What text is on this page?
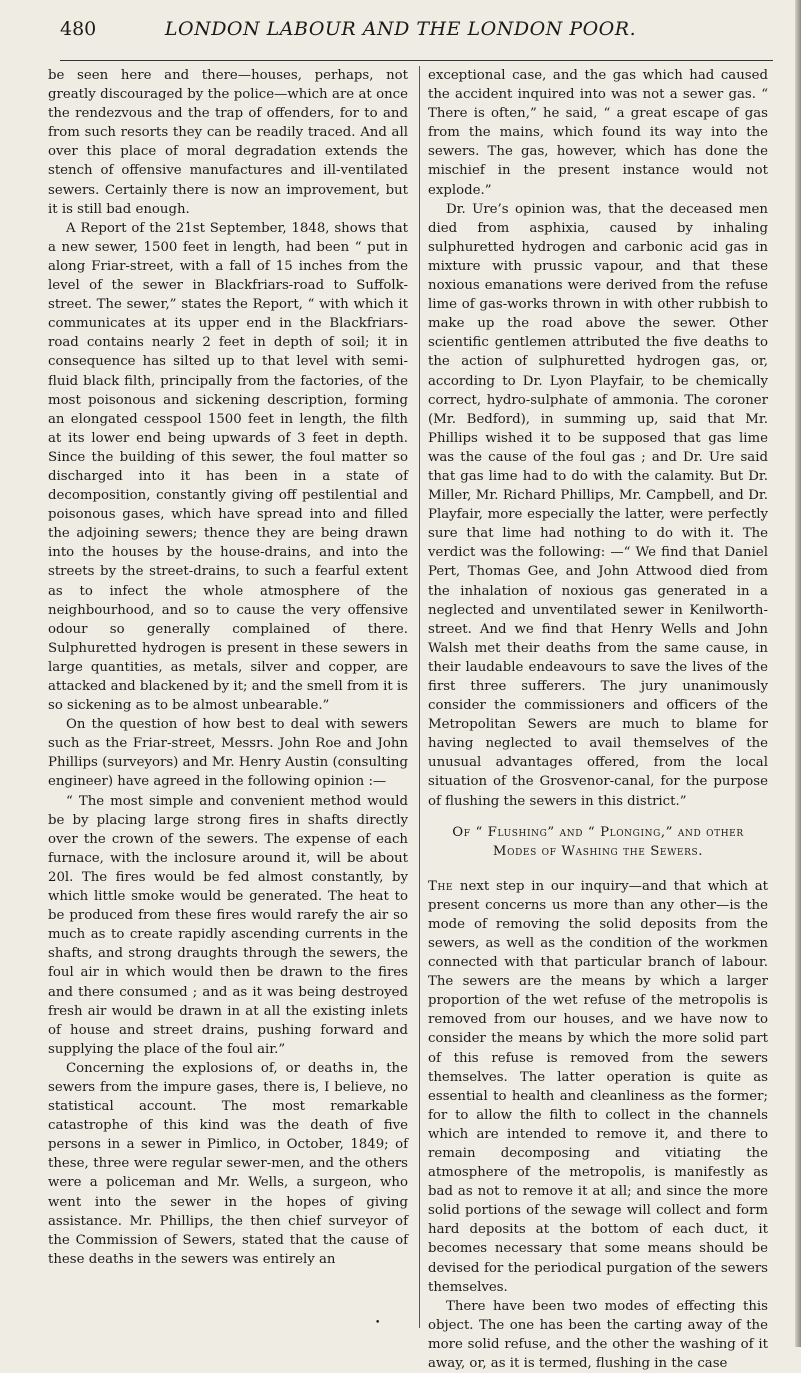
480	LONDON LABOUR AND THE LONDON POOR.

be seen here and there—houses, perhaps, not greatly discouraged by the police—which are at once the rendezvous and the trap of offenders, for to and from such resorts they can be readily traced. And all over this place of moral degradation extends the stench of offensive manufactures and ill-ventilated sewers. Certainly there is now an improvement, but it is still bad enough.

A Report of the 21st September, 1848, shows that a new sewer, 1500 feet in length, had been “ put in along Friar-street, with a fall of 15 inches from the level of the sewer in Blackfriars-road to Suffolk-street. The sewer,” states the Report, “ with which it communicates at its upper end in the Blackfriars-road contains nearly 2 feet in depth of soil; it in consequence has silted up to that level with semi-fluid black filth, principally from the factories, of the most poisonous and sickening description, forming an elongated cesspool 1500 feet in length, the filth at its lower end being upwards of 3 feet in depth. Since the building of this sewer, the foul matter so discharged into it has been in a state of decomposition, constantly giving off pestilential and poisonous gases, which have spread into and filled the adjoining sewers; thence they are being drawn into the houses by the house-drains, and into the streets by the street-drains, to such a fearful extent as to infect the whole atmosphere of the neighbourhood, and so to cause the very offensive odour so generally complained of there. Sulphuretted hydrogen is present in these sewers in large quantities, as metals, silver and copper, are attacked and blackened by it; and the smell from it is so sickening as to be almost unbearable.”

On the question of how best to deal with sewers such as the Friar-street, Messrs. John Roe and John Phillips (surveyors) and Mr. Henry Austin (consulting engineer) have agreed in the following opinion :—

“ The most simple and convenient method would be by placing large strong fires in shafts directly over the crown of the sewers. The expense of each furnace, with the inclosure around it, will be about 20l. The fires would be fed almost constantly, by which little smoke would be generated. The heat to be produced from these fires would rarefy the air so much as to create rapidly ascending currents in the shafts, and strong draughts through the sewers, the foul air in which would then be drawn to the fires and there consumed ; and as it was being destroyed fresh air would be drawn in at all the existing inlets of house and street drains, pushing forward and supplying the place of the foul air.”

Concerning the explosions of, or deaths in, the sewers from the impure gases, there is, I believe, no statistical account. The most remarkable catastrophe of this kind was the death of five persons in a sewer in Pimlico, in October, 1849; of these, three were regular sewer-men, and the others were a policeman and Mr. Wells, a surgeon, who went into the sewer in the hopes of giving assistance. Mr. Phillips, the then chief surveyor of the Commission of Sewers, stated that the cause of these deaths in the sewers was entirely an

exceptional case, and the gas which had caused the accident inquired into was not a sewer gas. “ There is often,” he said, “ a great escape of gas from the mains, which found its way into the sewers. The gas, however, which has done the mischief in the present instance would not explode.”

Dr. Ure’s opinion was, that the deceased men died from asphixia, caused by inhaling sulphuretted hydrogen and carbonic acid gas in mixture with prussic vapour, and that these noxious emanations were derived from the refuse lime of gas-works thrown in with other rubbish to make up the road above the sewer. Other scientific gentlemen attributed the five deaths to the action of sulphuretted hydrogen gas, or, according to Dr. Lyon Playfair, to be chemically correct, hydro-sulphate of ammonia. The coroner (Mr. Bedford), in summing up, said that Mr. Phillips wished it to be supposed that gas lime was the cause of the foul gas ; and Dr. Ure said that gas lime had to do with the calamity. But Dr. Miller, Mr. Richard Phillips, Mr. Campbell, and Dr. Playfair, more especially the latter, were perfectly sure that lime had nothing to do with it. The verdict was the following: —“ We find that Daniel Pert, Thomas Gee, and John Attwood died from the inhalation of noxious gas generated in a neglected and unventilated sewer in Kenilworth-street. And we find that Henry Wells and John Walsh met their deaths from the same cause, in their laudable endeavours to save the lives of the first three sufferers. The jury unanimously consider the commissioners and officers of the Metropolitan Sewers are much to blame for having neglected to avail themselves of the unusual advantages offered, from the local situation of the Grosvenor-canal, for the purpose of flushing the sewers in this district.”

Of “ Flushing” and “ Plonging,” and other Modes of Washing the Sewers.

The next step in our inquiry—and that which at present concerns us more than any other—is the mode of removing the solid deposits from the sewers, as well as the condition of the workmen connected with that particular branch of labour. The sewers are the means by which a larger proportion of the wet refuse of the metropolis is removed from our houses, and we have now to consider the means by which the more solid part of this refuse is removed from the sewers themselves. The latter operation is quite as essential to health and cleanliness as the former; for to allow the filth to collect in the channels which are intended to remove it, and there to remain decomposing and vitiating the atmosphere of the metropolis, is manifestly as bad as not to remove it at all; and since the more solid portions of the sewage will collect and form hard deposits at the bottom of each duct, it becomes necessary that some means should be devised for the periodical purgation of the sewers themselves.

There have been two modes of effecting this object. The one has been the carting away of the more solid refuse, and the other the washing of it away, or, as it is termed, flushing in the case

•
